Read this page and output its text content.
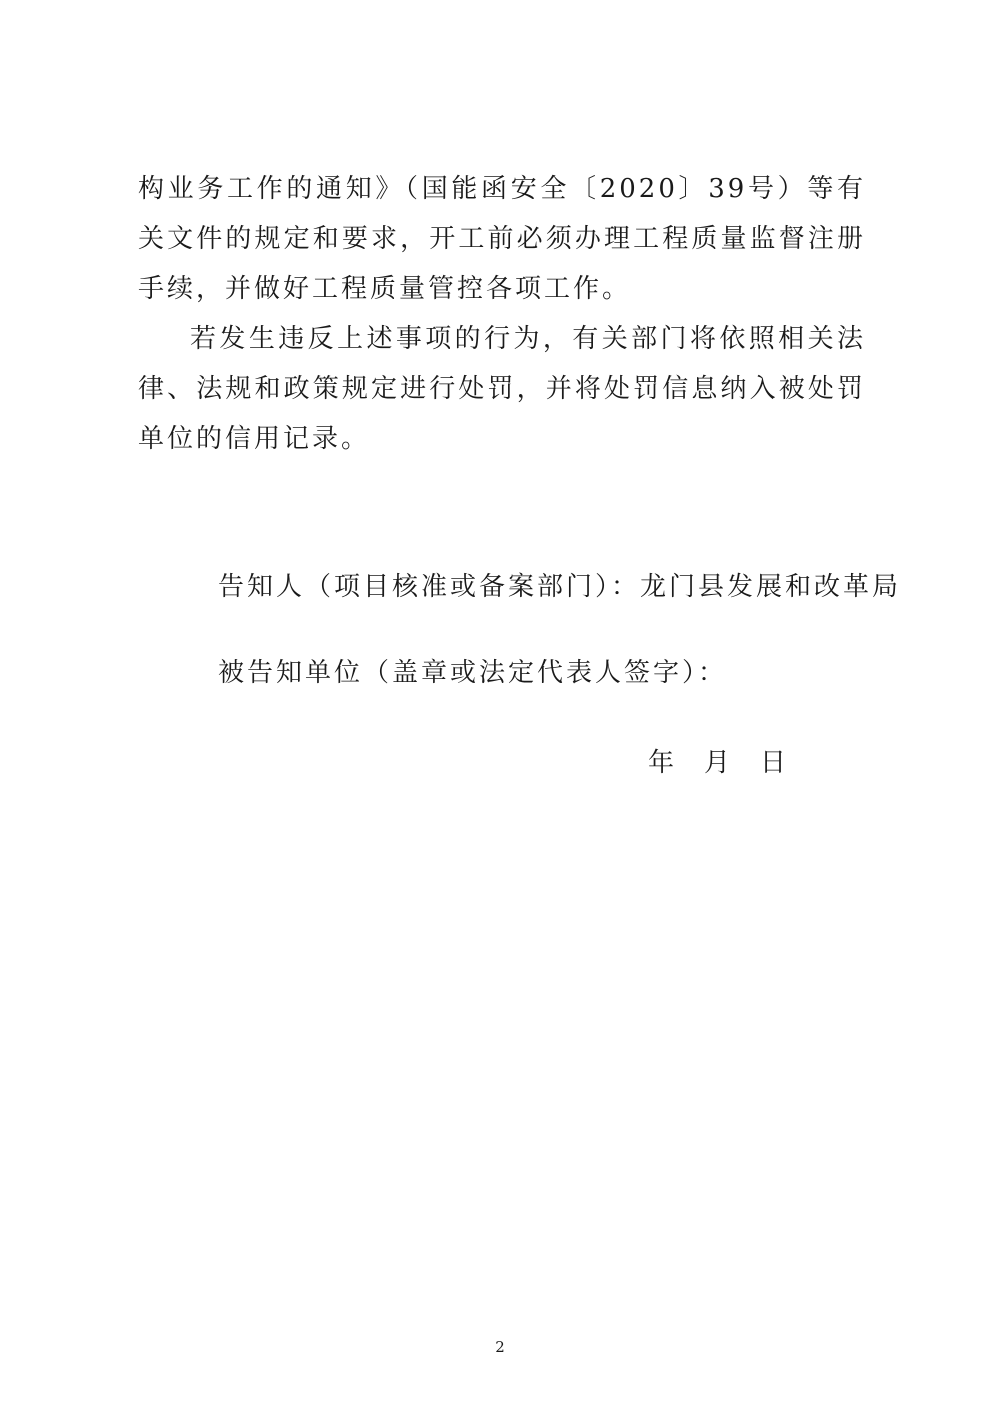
构业务工作的通知》（国能函安全〔2020〕39号）等有关文件的规定和要求，开工前必须办理工程质量监督注册手续，并做好工程质量管控各项工作。

若发生违反上述事项的行为，有关部门将依照相关法律、法规和政策规定进行处罚，并将处罚信息纳入被处罚单位的信用记录。

告知人（项目核准或备案部门）：龙门县发展和改革局
被告知单位（盖章或法定代表人签字）：
年 月 日
2
